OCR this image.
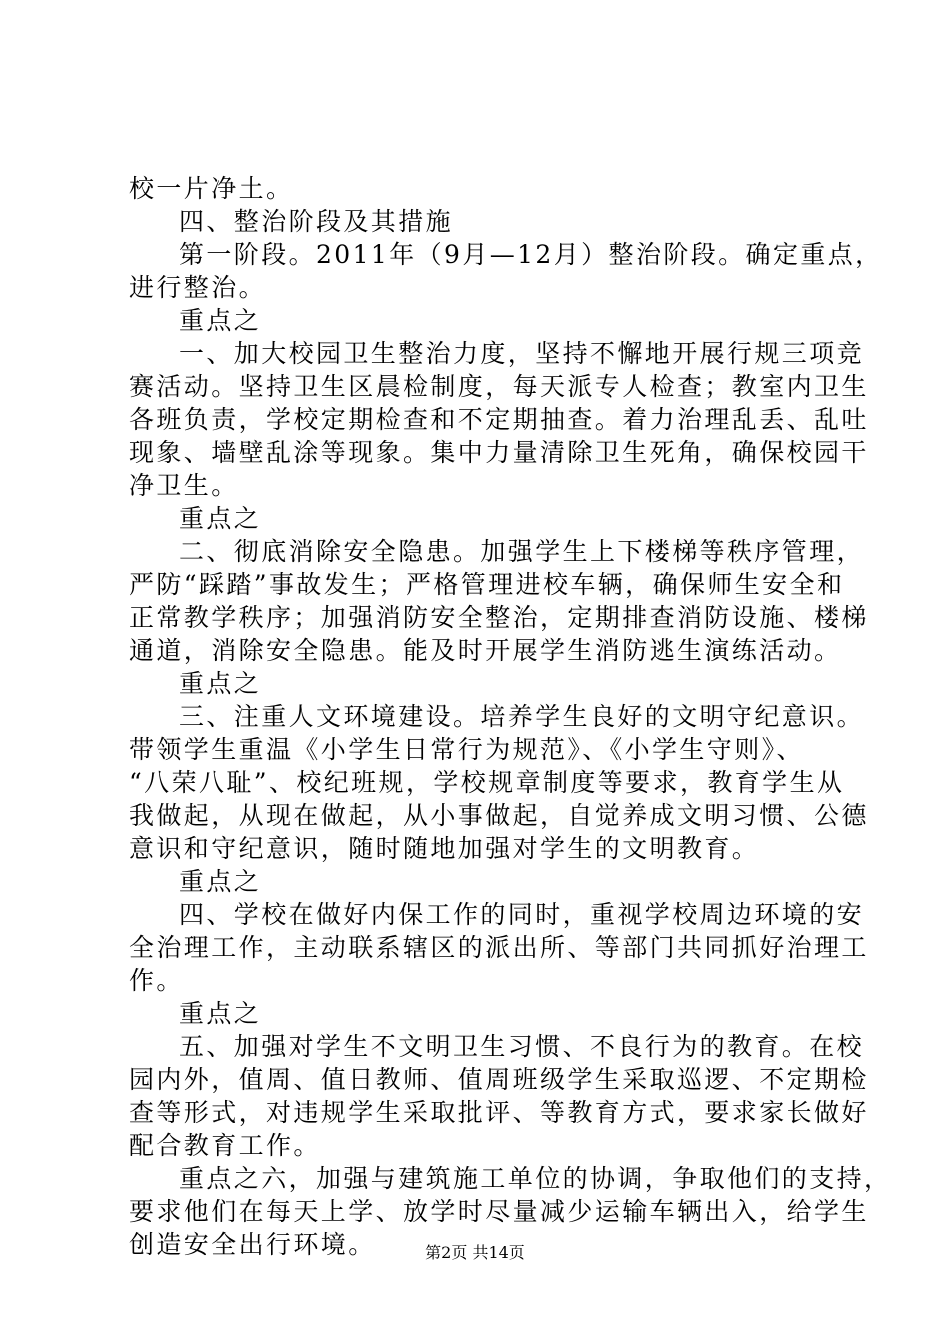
校一片净土。
四、整治阶段及其措施
第一阶段。2011年（9月—12月）整治阶段。确定重点，
进行整治。
重点之
一、加大校园卫生整治力度，坚持不懈地开展行规三项竞
赛活动。坚持卫生区晨检制度，每天派专人检查；教室内卫生
各班负责，学校定期检查和不定期抽查。着力治理乱丢、乱吐
现象、墙壁乱涂等现象。集中力量清除卫生死角，确保校园干
净卫生。
重点之
二、彻底消除安全隐患。加强学生上下楼梯等秩序管理，
严防“踩踏”事故发生；严格管理进校车辆，确保师生安全和
正常教学秩序；加强消防安全整治，定期排查消防设施、楼梯
通道，消除安全隐患。能及时开展学生消防逃生演练活动。
重点之
三、注重人文环境建设。培养学生良好的文明守纪意识。
带领学生重温《小学生日常行为规范》、《小学生守则》、
“八荣八耻”、校纪班规，学校规章制度等要求，教育学生从
我做起，从现在做起，从小事做起，自觉养成文明习惯、公德
意识和守纪意识，随时随地加强对学生的文明教育。
重点之
四、学校在做好内保工作的同时，重视学校周边环境的安
全治理工作，主动联系辖区的派出所、等部门共同抓好治理工
作。
重点之
五、加强对学生不文明卫生习惯、不良行为的教育。在校
园内外，值周、值日教师、值周班级学生采取巡逻、不定期检
查等形式，对违规学生采取批评、等教育方式，要求家长做好
配合教育工作。
重点之六，加强与建筑施工单位的协调，争取他们的支持，
要求他们在每天上学、放学时尽量减少运输车辆出入，给学生
创造安全出行环境。	第2页 共14页
